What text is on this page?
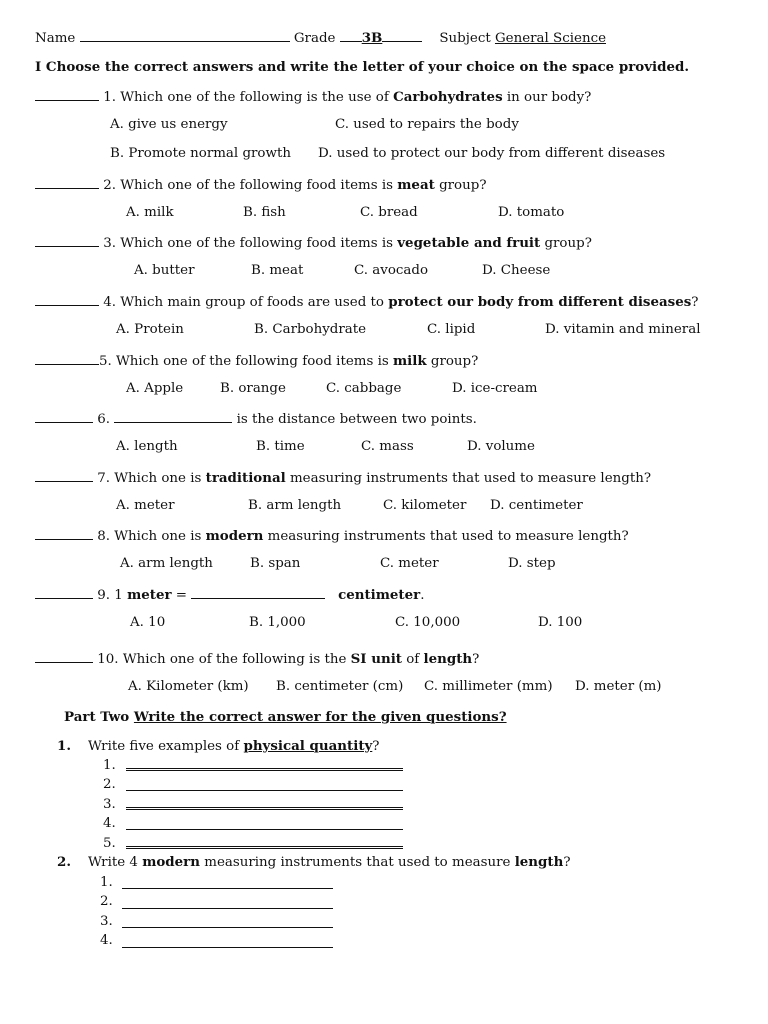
Name	Grade 3B	Subject General Science
I Choose the correct answers and write the letter of your choice on the space provided.
1. Which one of the following is the use of Carbohydrates in our body?
A. give us energy	C. used to repairs the body
B. Promote normal growth D. used to protect our body from different diseases
2. Which one of the following food items is meat group?
A. milk	B. fish	C. bread	D. tomato
3. Which one of the following food items is vegetable and fruit group?
A. butter	B. meat	C. avocado	D. Cheese
4. Which main group of foods are used to protect our body from different diseases?
A. Protein	B. Carbohydrate	C. lipid	D. vitamin and mineral
5. Which one of the following food items is milk group?
A. Apple	B. orange	C. cabbage	D. ice-cream
6.	is the distance between two points.
A. length	B. time	C. mass	D. volume
7. Which one is traditional measuring instruments that used to measure length?
A. meter	B. arm length	C. kilometer D. centimeter
8. Which one is modern measuring instruments that used to measure length?
A. arm length	B. span	C. meter	D. step
9. 1 meter =	centimeter.
A. 10	B. 1,000	C. 10,000	D. 100
10. Which one of the following is the SI unit of length?
A. Kilometer (km) B. centimeter (cm) C. millimeter (mm) D. meter (m)
Part Two Write the correct answer for the given questions?
1. Write five examples of physical quantity?
1.
2.
3.
4.
5.
2. Write 4 modern measuring instruments that used to measure length?
1.
2.
3.
4.
